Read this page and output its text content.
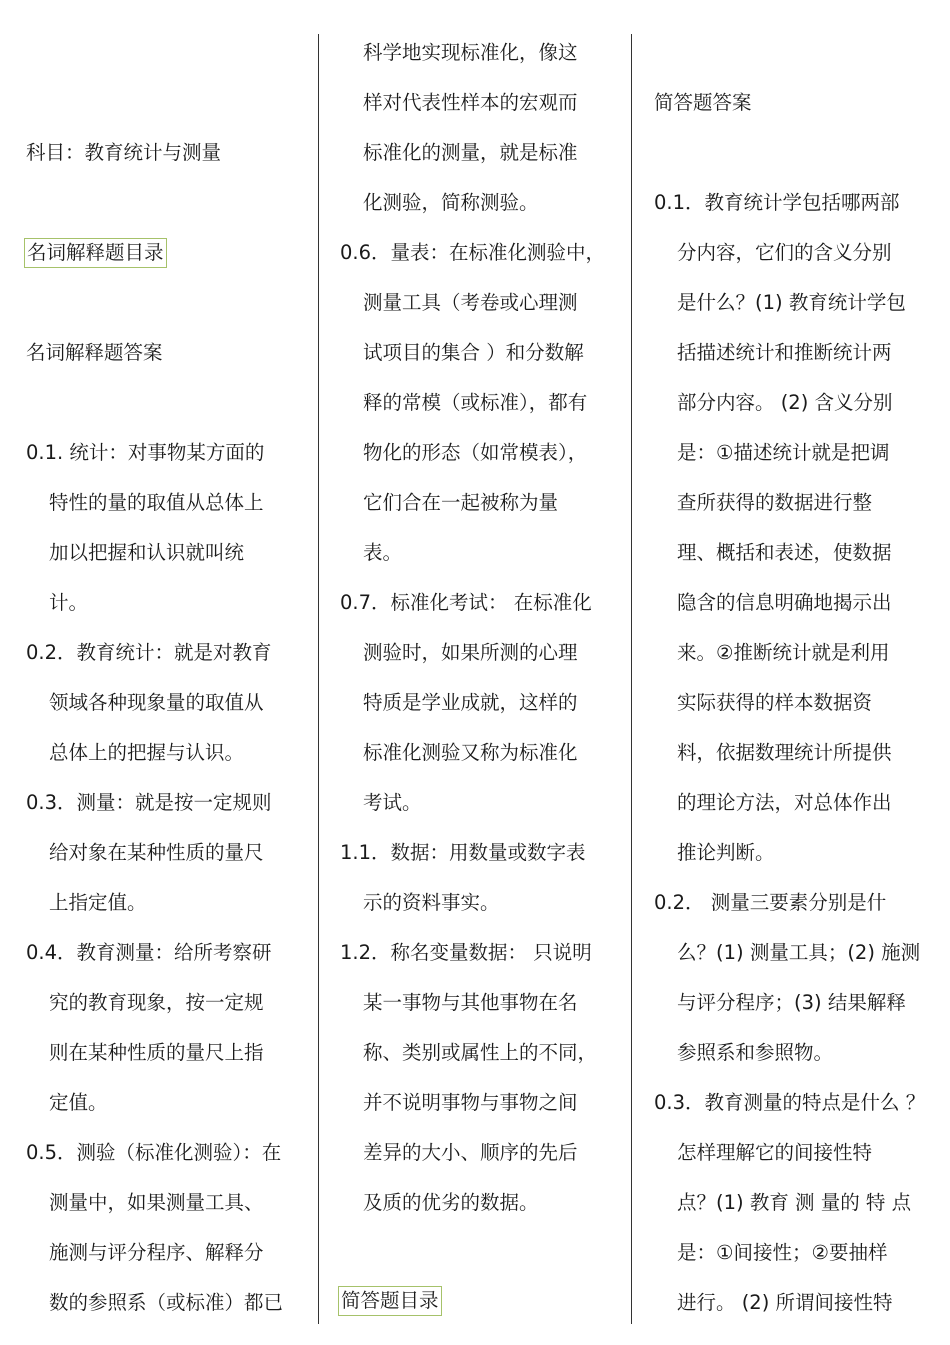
科目：教育统计与测量
名词解释题目录
名词解释题答案
0.1. 统计：对事物某方面的
特性的量的取值从总体上
加以把握和认识就叫统
计。
0.2．教育统计：就是对教育
领域各种现象量的取值从
总体上的把握与认识。
0.3．测量：就是按一定规则
给对象在某种性质的量尺
上指定值。
0.4．教育测量：给所考察研
究的教育现象，按一定规
则在某种性质的量尺上指
定值。
0.5．测验（标准化测验）：在
测量中，如果测量工具、
施测与评分程序、解释分
数的参照系（或标准）都已
科学地实现标准化，像这
样对代表性样本的宏观而
标准化的测量，就是标准
化测验，简称测验。
0.6．量表：在标准化测验中，
测量工具（考卷或心理测
试项目的集合 ）和分数解
释的常模（或标准），都有
物化的形态（如常模表），
它们合在一起被称为量
表。
0.7．标准化考试： 在标准化
测验时，如果所测的心理
特质是学业成就，这样的
标准化测验又称为标准化
考试。
1.1．数据：用数量或数字表
示的资料事实。
1.2．称名变量数据： 只说明
某一事物与其他事物在名
称、类别或属性上的不同，
并不说明事物与事物之间
差异的大小、顺序的先后
及质的优劣的数据。
简答题目录
简答题答案
0.1．教育统计学包括哪两部
分内容，它们的含义分别
是什么？(1) 教育统计学包
括描述统计和推断统计两
部分内容。 (2) 含义分别
是：①描述统计就是把调
查所获得的数据进行整
理、概括和表述，使数据
隐含的信息明确地揭示出
来。②推断统计就是利用
实际获得的样本数据资
料，依据数理统计所提供
的理论方法，对总体作出
推论判断。
0.2． 测量三要素分别是什
么？(1) 测量工具；(2) 施测
与评分程序；(3) 结果解释
参照系和参照物。
0.3．教育测量的特点是什么 ？
怎样理解它的间接性特
点？(1) 教育 测 量的 特 点
是：①间接性；②要抽样
进行。 (2) 所谓间接性特
